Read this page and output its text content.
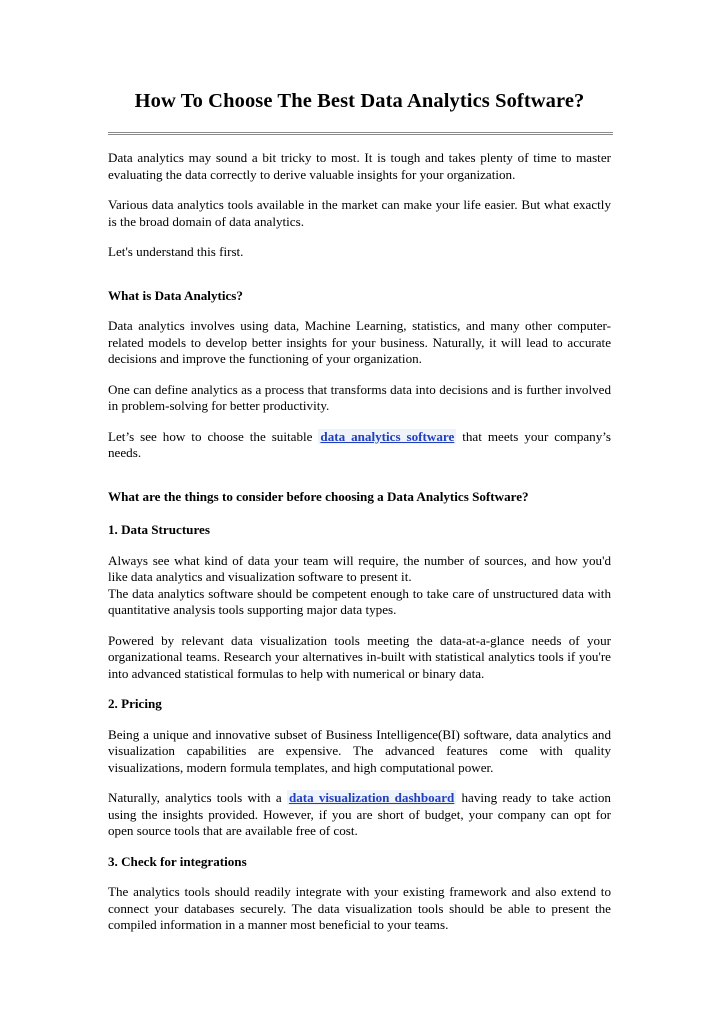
How To Choose The Best Data Analytics Software?

Data analytics may sound a bit tricky to most. It is tough and takes plenty of time to master evaluating the data correctly to derive valuable insights for your organization.

Various data analytics tools available in the market can make your life easier. But what exactly is the broad domain of data analytics.

Let's understand this first.

What is Data Analytics?

Data analytics involves using data, Machine Learning, statistics, and many other computer-related models to develop better insights for your business. Naturally, it will lead to accurate decisions and improve the functioning of your organization.

One can define analytics as a process that transforms data into decisions and is further involved in problem-solving for better productivity.

Let’s see how to choose the suitable data analytics software that meets your company’s needs.

What are the things to consider before choosing a Data Analytics Software?

1. Data Structures

Always see what kind of data your team will require, the number of sources, and how you'd like data analytics and visualization software to present it.

The data analytics software should be competent enough to take care of unstructured data with quantitative analysis tools supporting major data types.

Powered by relevant data visualization tools meeting the data-at-a-glance needs of your organizational teams. Research your alternatives in-built with statistical analytics tools if you're into advanced statistical formulas to help with numerical or binary data.

2. Pricing

Being a unique and innovative subset of Business Intelligence(BI) software, data analytics and visualization capabilities are expensive. The advanced features come with quality visualizations, modern formula templates, and high computational power.

Naturally, analytics tools with a data visualization dashboard having ready to take action using the insights provided. However, if you are short of budget, your company can opt for open source tools that are available free of cost.

3. Check for integrations

The analytics tools should readily integrate with your existing framework and also extend to connect your databases securely. The data visualization tools should be able to present the compiled information in a manner most beneficial to your teams.
